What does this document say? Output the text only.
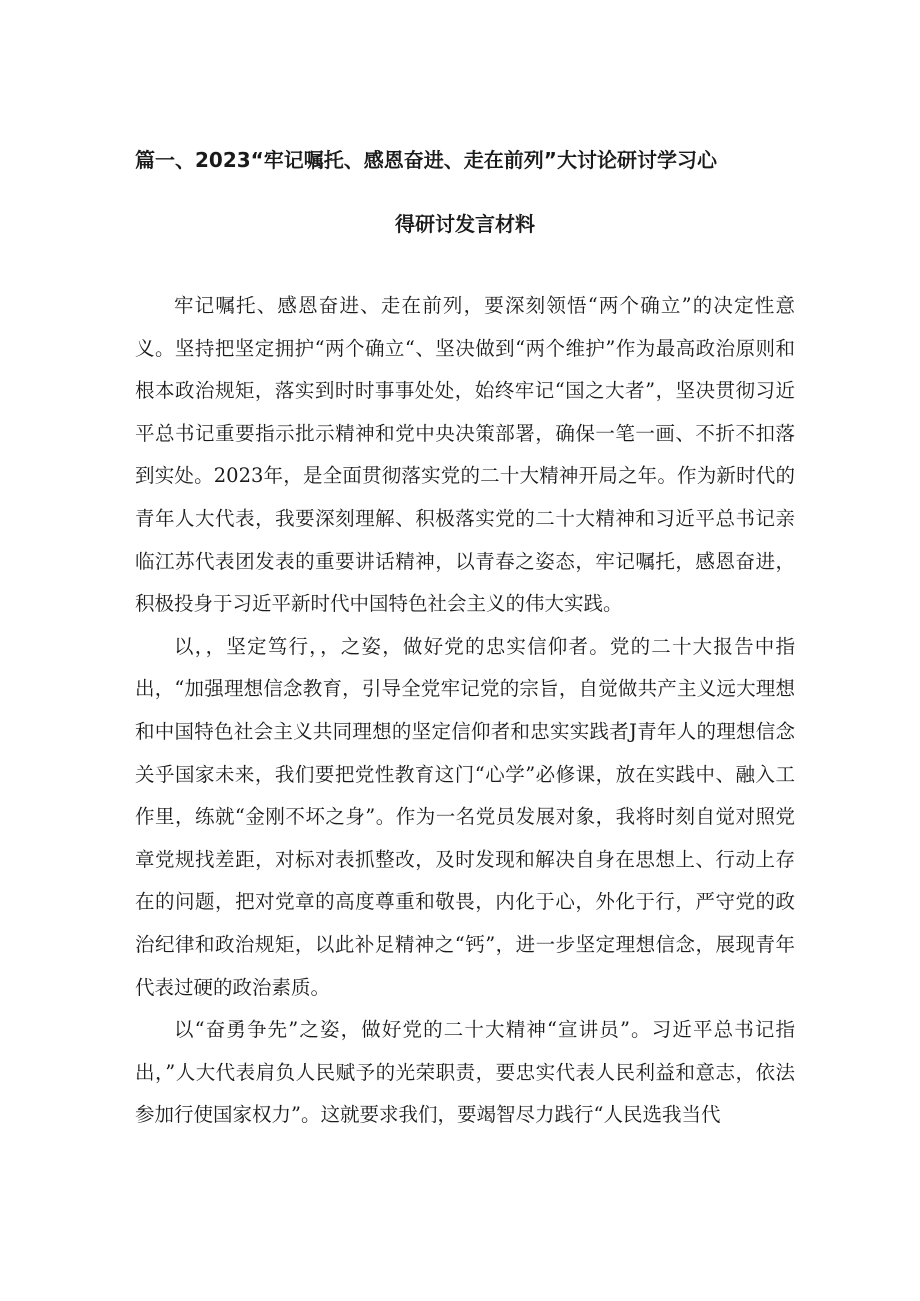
篇一、2023“牢记嘱托、感恩奋进、走在前列”大讨论研讨学习心

得研讨发言材料

牢记嘱托、感恩奋进、走在前列，要深刻领悟“两个确立”的决定性意义。坚持把坚定拥护“两个确立“、坚决做到“两个维护”作为最高政治原则和根本政治规矩，落实到时时事事处处，始终牢记“国之大者”，坚决贯彻习近平总书记重要指示批示精神和党中央决策部署，确保一笔一画、不折不扣落到实处。2023年，是全面贯彻落实党的二十大精神开局之年。作为新时代的青年人大代表，我要深刻理解、积极落实党的二十大精神和习近平总书记亲临江苏代表团发表的重要讲话精神，以青春之姿态，牢记嘱托，感恩奋进，积极投身于习近平新时代中国特色社会主义的伟大实践。

以，，坚定笃行，，之姿，做好党的忠实信仰者。党的二十大报告中指出，“加强理想信念教育，引导全党牢记党的宗旨，自觉做共产主义远大理想和中国特色社会主义共同理想的坚定信仰者和忠实实践者J青年人的理想信念关乎国家未来，我们要把党性教育这门“心学”必修课，放在实践中、融入工作里，练就“金刚不坏之身”。作为一名党员发展对象，我将时刻自觉对照党章党规找差距，对标对表抓整改，及时发现和解决自身在思想上、行动上存在的问题，把对党章的高度尊重和敬畏，内化于心，外化于行，严守党的政治纪律和政治规矩，以此补足精神之“钙”，进一步坚定理想信念，展现青年代表过硬的政治素质。

以“奋勇争先”之姿，做好党的二十大精神“宣讲员”。习近平总书记指出，”人大代表肩负人民赋予的光荣职责，要忠实代表人民利益和意志，依法参加行使国家权力”。这就要求我们，要竭智尽力践行“人民选我当代
